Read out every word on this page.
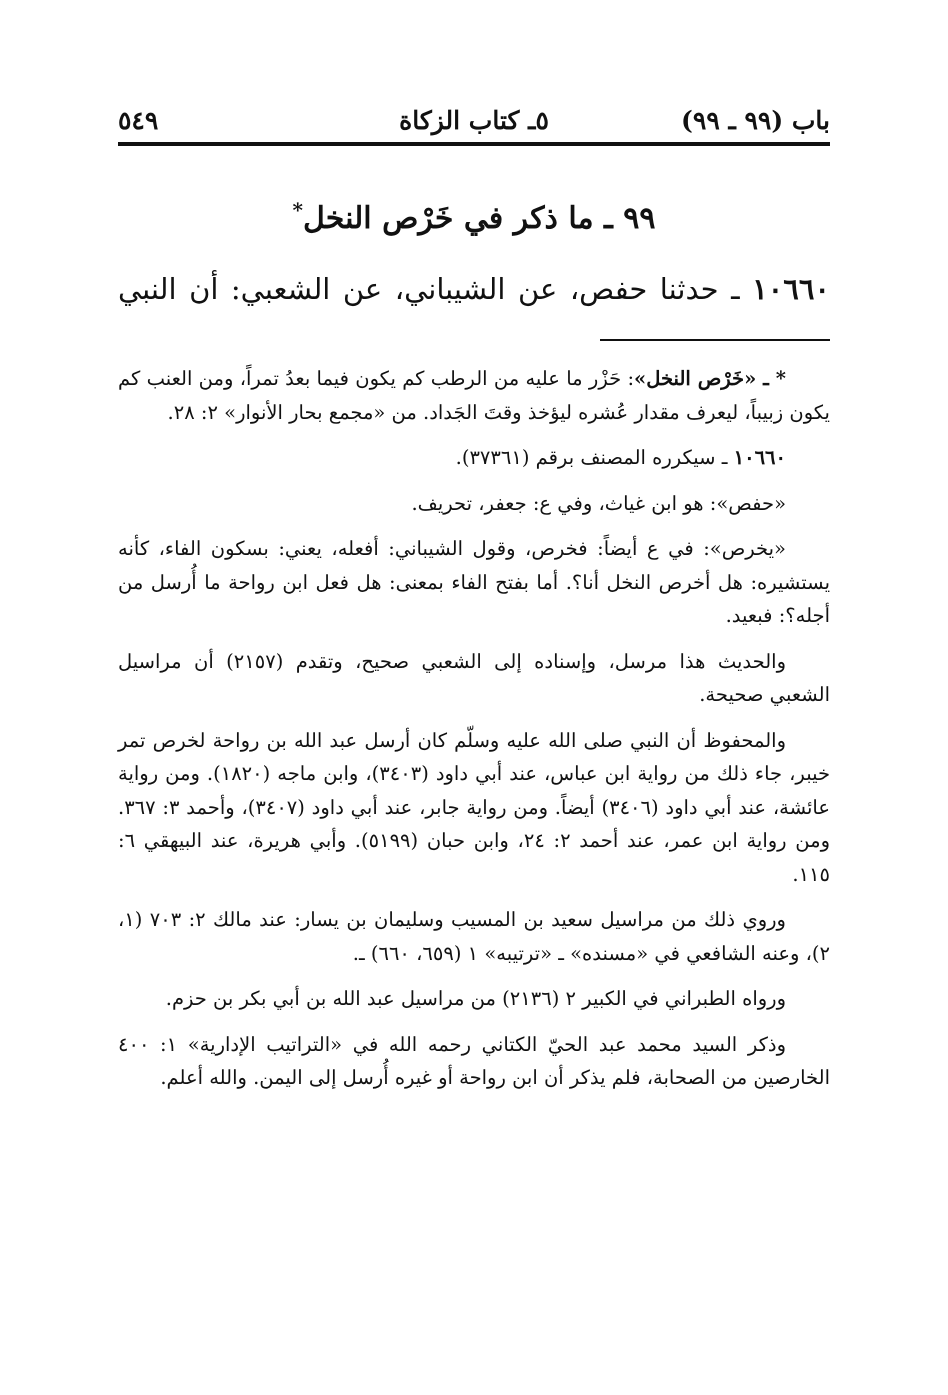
باب (٩٩ ـ ٩٩)
٥ـ كتاب الزكاة
٥٤٩
٩٩ ـ ما ذكر في خَرْص النخل*
١٠٦٦٠ ـ حدثنا حفص، عن الشيباني، عن الشعبي: أن النبي

* ـ «خَرْص النخل»: حَزْر ما عليه من الرطب كم يكون فيما بعدُ تمراً، ومن العنب كم يكون زبيباً، ليعرف مقدار عُشره ليؤخذ وقتَ الجَداد. من «مجمع بحار الأنوار» ٢: ٢٨.

١٠٦٦٠ ـ سيكرره المصنف برقم (٣٧٣٦١).

«حفص»: هو ابن غياث، وفي ع: جعفر، تحريف.

«يخرص»: في ع أيضاً: فخرص، وقول الشيباني: أفعله، يعني: بسكون الفاء، كأنه يستشيره: هل أخرص النخل أنا؟. أما بفتح الفاء بمعنى: هل فعل ابن رواحة ما أُرسل من أجله؟: فبعيد.

والحديث هذا مرسل، وإسناده إلى الشعبي صحيح، وتقدم (٢١٥٧) أن مراسيل الشعبي صحيحة.

والمحفوظ أن النبي صلى الله عليه وسلّم كان أرسل عبد الله بن رواحة لخرص تمر خيبر، جاء ذلك من رواية ابن عباس، عند أبي داود (٣٤٠٣)، وابن ماجه (١٨٢٠). ومن رواية عائشة، عند أبي داود (٣٤٠٦) أيضاً. ومن رواية جابر، عند أبي داود (٣٤٠٧)، وأحمد ٣: ٣٦٧. ومن رواية ابن عمر، عند أحمد ٢: ٢٤، وابن حبان (٥١٩٩). وأبي هريرة، عند البيهقي ٦: ١١٥.

وروي ذلك من مراسيل سعيد بن المسيب وسليمان بن يسار: عند مالك ٢: ٧٠٣ (١، ٢)، وعنه الشافعي في «مسنده» ـ «ترتيبه» ١ (٦٥٩، ٦٦٠) ـ.

ورواه الطبراني في الكبير ٢ (٢١٣٦) من مراسيل عبد الله بن أبي بكر بن حزم.

وذكر السيد محمد عبد الحيّ الكتاني رحمه الله في «التراتيب الإدارية» ١: ٤٠٠ الخارصين من الصحابة، فلم يذكر أن ابن رواحة أو غيره أُرسل إلى اليمن. والله أعلم.
